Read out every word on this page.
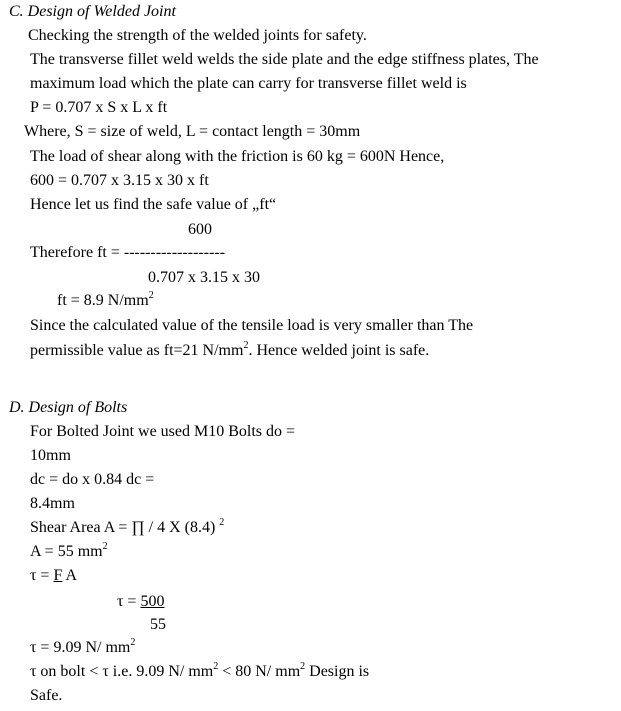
C. Design of Welded Joint
Checking the strength of the welded joints for safety.
The transverse fillet weld welds the side plate and the edge stiffness plates, The
maximum load which the plate can carry for transverse fillet weld is
P = 0.707 x S x L x ft
Where, S = size of weld, L = contact length = 30mm
The load of shear along with the friction is 60 kg = 600N Hence,
600 = 0.707 x 3.15 x 30 x ft
Hence let us find the safe value of „ft“
600
Therefore ft = -------------------
0.707 x 3.15 x 30
ft = 8.9 $N/mm^2$
Since the calculated value of the tensile load is very smaller than The
permissible value as ft=21 $N/mm^2$. Hence welded joint is safe.
D. Design of Bolts
For Bolted Joint we used M10 Bolts do =
10mm
dc = do x 0.84 dc =
8.4mm
Shear Area A = ∏ / 4 X (8.4) $^2$
A = 55 $mm^2$
τ = F A
τ = 500
55
τ = 9.09 N/ $mm^2$
τ on bolt < τ i.e. 9.09 N/ $mm^2 < 80$ N/ $mm^2$ Design is
Safe.
